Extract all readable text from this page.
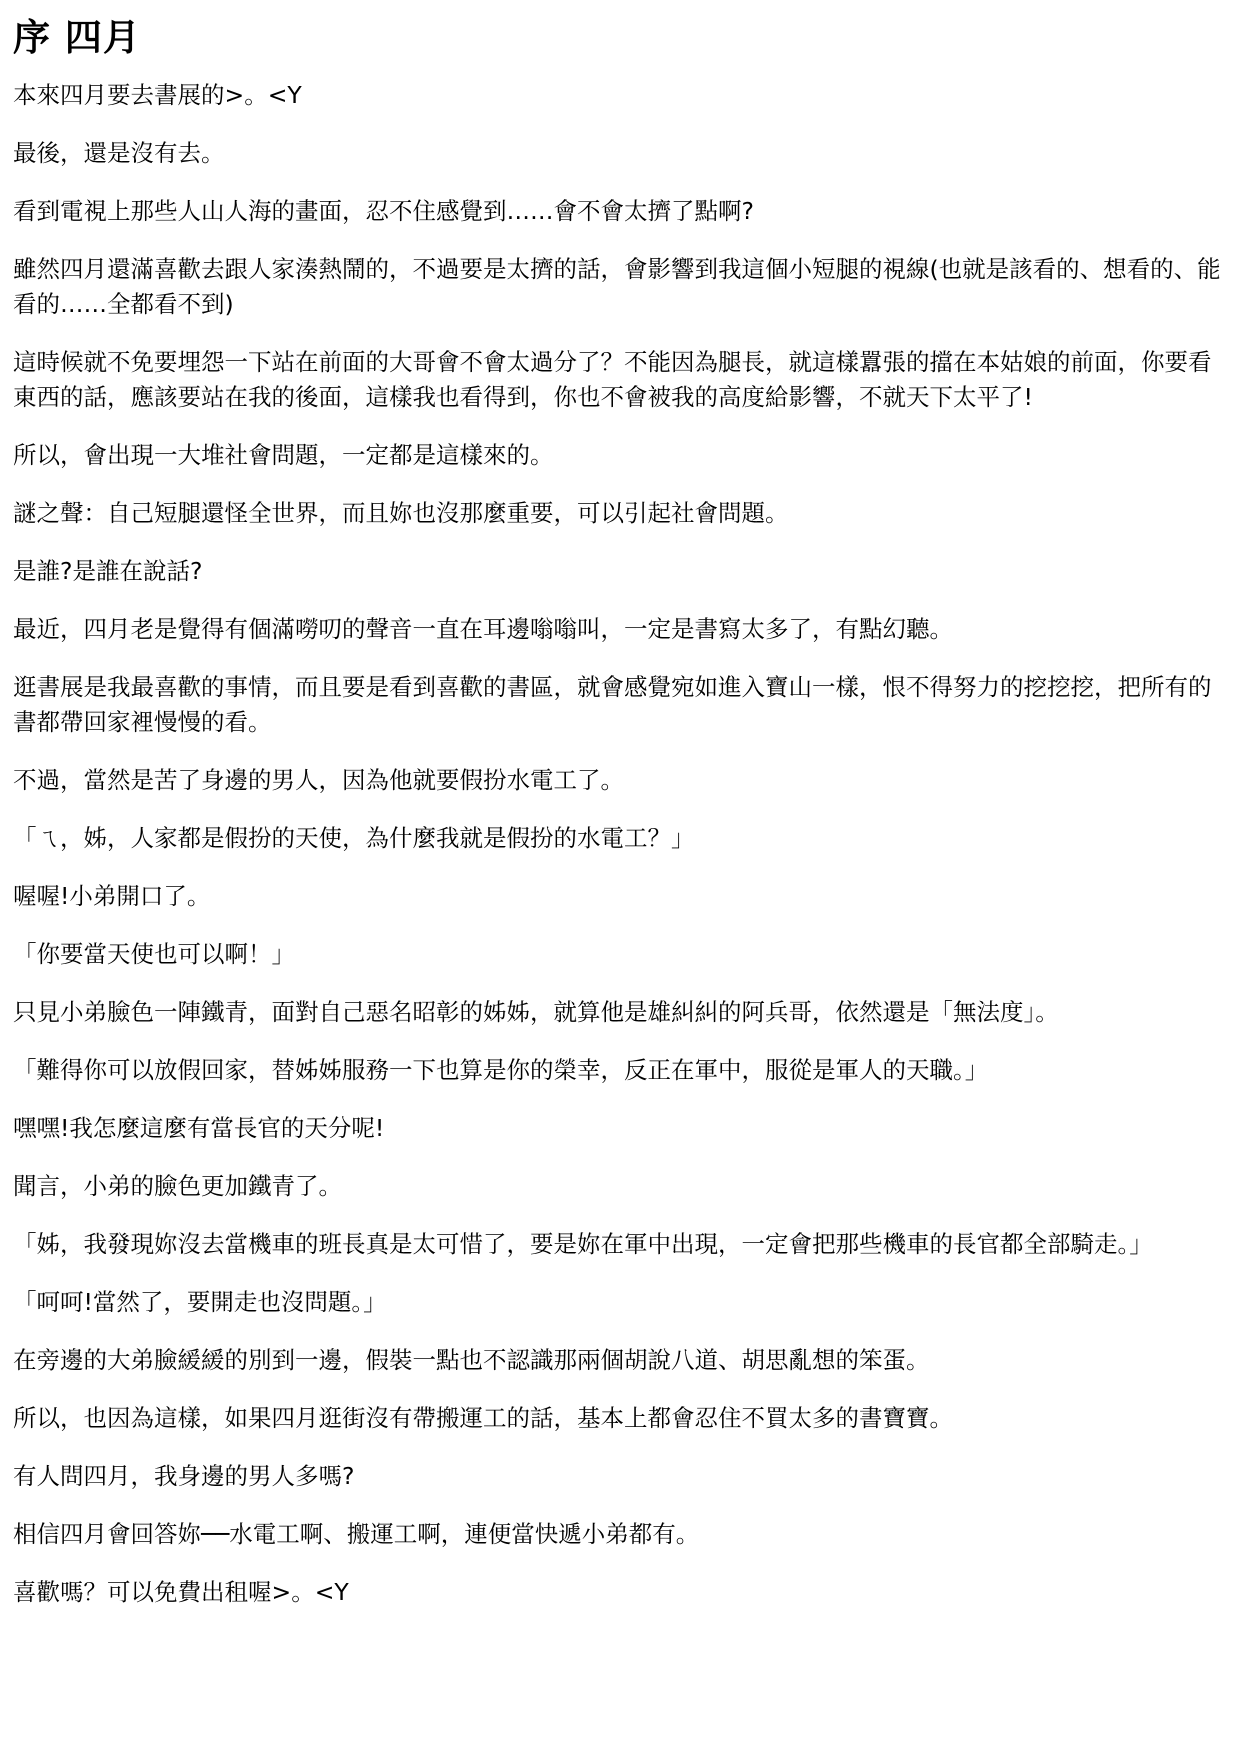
序 四月

本來四月要去書展的>。<Y

最後，還是沒有去。

看到電視上那些人山人海的畫面，忍不住感覺到……會不會太擠了點啊?

雖然四月還滿喜歡去跟人家湊熱鬧的，不過要是太擠的話，會影響到我這個小短腿的視線(也就是該看的、想看的、能看的……全都看不到)

這時候就不免要埋怨一下站在前面的大哥會不會太過分了？不能因為腿長，就這樣囂張的擋在本姑娘的前面，你要看東西的話，應該要站在我的後面，這樣我也看得到，你也不會被我的高度給影響，不就天下太平了!

所以，會出現一大堆社會問題，一定都是這樣來的。

謎之聲：自己短腿還怪全世界，而且妳也沒那麼重要，可以引起社會問題。

是誰?是誰在說話?

最近，四月老是覺得有個滿嘮叨的聲音一直在耳邊嗡嗡叫，一定是書寫太多了，有點幻聽。

逛書展是我最喜歡的事情，而且要是看到喜歡的書區，就會感覺宛如進入寶山一樣，恨不得努力的挖挖挖，把所有的書都帶回家裡慢慢的看。

不過，當然是苦了身邊的男人，因為他就要假扮水電工了。

「ㄟ，姊，人家都是假扮的天使，為什麼我就是假扮的水電工？」

喔喔!小弟開口了。

「你要當天使也可以啊！」

只見小弟臉色一陣鐵青，面對自己惡名昭彰的姊姊，就算他是雄糾糾的阿兵哥，依然還是「無法度」。

「難得你可以放假回家，替姊姊服務一下也算是你的榮幸，反正在軍中，服從是軍人的天職。」

嘿嘿!我怎麼這麼有當長官的天分呢!

聞言，小弟的臉色更加鐵青了。

「姊，我發現妳沒去當機車的班長真是太可惜了，要是妳在軍中出現，一定會把那些機車的長官都全部騎走。」

「呵呵!當然了，要開走也沒問題。」

在旁邊的大弟臉緩緩的別到一邊，假裝一點也不認識那兩個胡說八道、胡思亂想的笨蛋。

所以，也因為這樣，如果四月逛街沒有帶搬運工的話，基本上都會忍住不買太多的書寶寶。

有人問四月，我身邊的男人多嗎?

相信四月會回答妳──水電工啊、搬運工啊，連便當快遞小弟都有。

喜歡嗎？可以免費出租喔>。<Y
